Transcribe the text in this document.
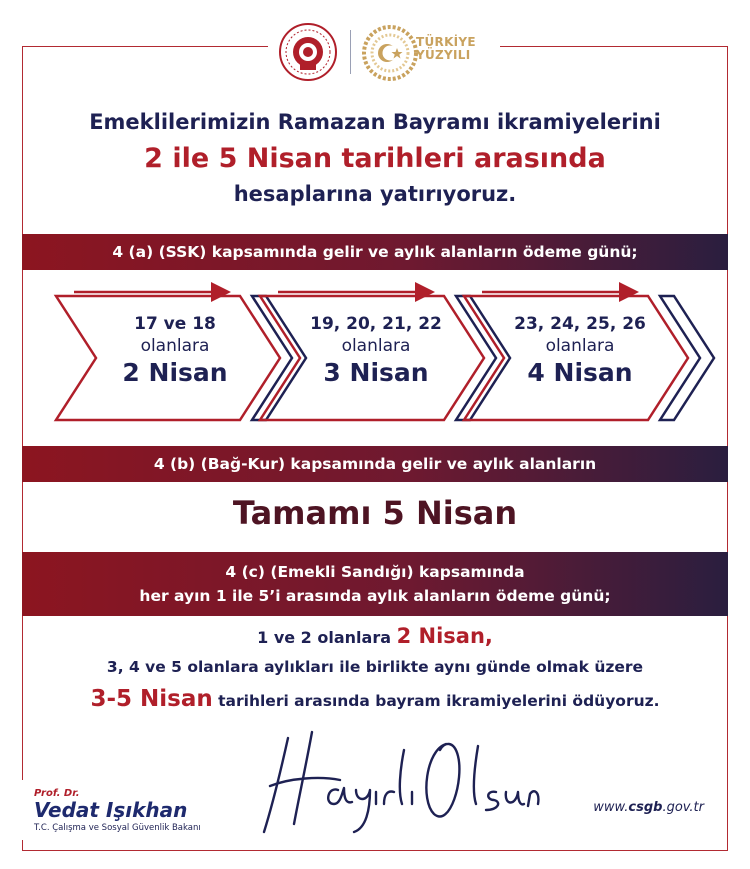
TÜRKİYE
YÜZYILI
Emeklilerimizin Ramazan Bayramı ikramiyelerini
2 ile 5 Nisan tarihleri arasında
hesaplarına yatırıyoruz.
4 (a) (SSK) kapsamında gelir ve aylık alanların ödeme günü;
17 ve 18
olanlara
2 Nisan
19, 20, 21, 22
olanlara
3 Nisan
23, 24, 25, 26
olanlara
4 Nisan
4 (b) (Bağ-Kur) kapsamında gelir ve aylık alanların
Tamamı 5 Nisan
4 (c) (Emekli Sandığı) kapsamında
her ayın 1 ile 5’i arasında aylık alanların ödeme günü;
1 ve 2 olanlara 2 Nisan,
3, 4 ve 5 olanlara aylıkları ile birlikte aynı günde olmak üzere
3-5 Nisan tarihleri arasında bayram ikramiyelerini ödüyoruz.
Prof. Dr.
Vedat Işıkhan
T.C. Çalışma ve Sosyal Güvenlik Bakanı
www.csgb.gov.tr
